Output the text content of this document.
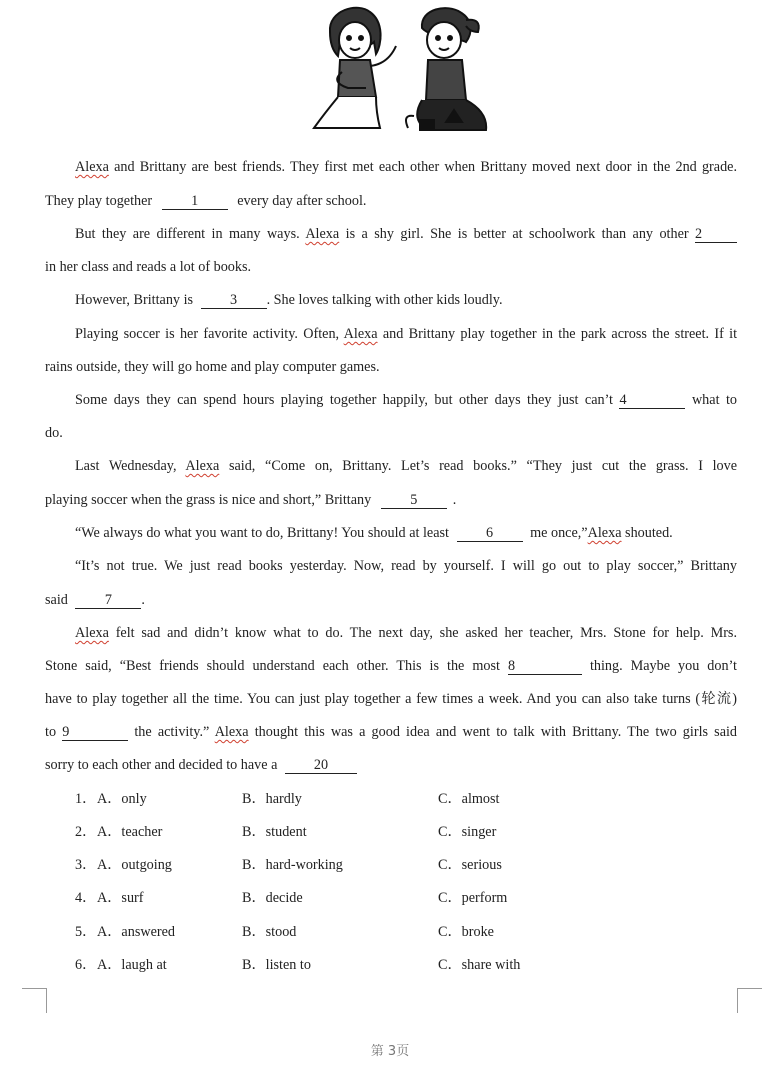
Alexa and Brittany are best friends. They first met each other when Brittany moved next door in the 2nd grade.
They play together	1	every day after school.
But they are different in many ways. Alexa is a shy girl. She is better at schoolwork than any other 2
in her class and reads a lot of books.
However, Brittany is	3 . She loves talking with other kids loudly.
Playing soccer is her favorite activity. Often, Alexa and Brittany play together in the park across the street. If it
rains outside, they will go home and play computer games.
Some days they can spend hours playing together happily, but other days they just can’t 4	what to
do.
Last Wednesday, Alexa said, “Come on, Brittany. Let’s read books.” “They just cut the grass. I love
playing soccer when the grass is nice and short,” Brittany	5 .
“We always do what you want to do, Brittany! You should at least	6	me once,”Alexa shouted.
“It’s not true. We just read books yesterday. Now, read by yourself. I will go out to play soccer,” Brittany
said	7 .
Alexa felt sad and didn’t know what to do. The next day, she asked her teacher, Mrs. Stone for help. Mrs.
Stone said, “Best friends should understand each other. This is the most 8	thing. Maybe you don’t
have to play together all the time. You can just play together a few times a week. And you can also take turns (轮流)
to 9	the activity.” Alexa thought this was a good idea and went to talk with Brittany. The two girls said
sorry to each other and decided to have a	20
1． A．only	B．hardly	C．almost
2． A．teacher	B．student	C．singer
3． A．outgoing	B．hard-working	C．serious
4． A．surf	B．decide	C．perform
5． A．answered	B．stood	C．broke
6． A．laugh at	B．listen to	C．share with
第 3页
